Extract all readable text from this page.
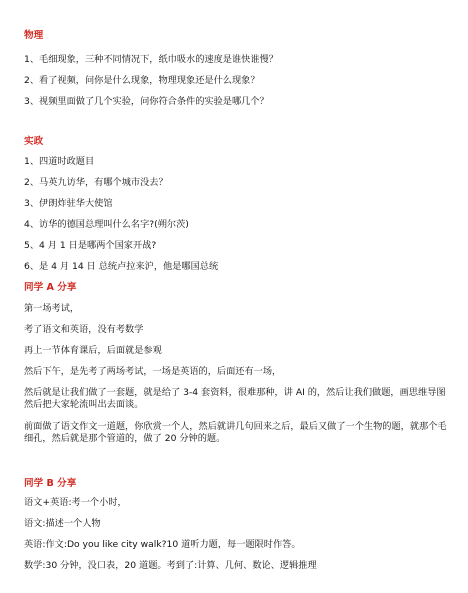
物理
1、毛细现象，三种不同情况下，纸巾吸水的速度是谁快谁慢？
2、看了视频，问你是什么现象，物理现象还是什么现象？
3、视频里面做了几个实验，问你符合条件的实验是哪几个？
实政
1、四道时政题目
2、马英九访华，有哪个城市没去？
3、伊朗炸驻华大使馆
4、访华的德国总理叫什么名字?(朔尔茨)
5、4 月 1 日是哪两个国家开战?
6、是 4 月 14 日 总统卢拉来沪，他是哪国总统
同学 A 分享
第一场考试，
考了语文和英语，没有考数学
再上一节体育课后，后面就是参观
然后下午，是先考了两场考试，一场是英语的，后面还有一场，
然后就是让我们做了一套题，就是给了 3-4 套资料，很难那种，讲 AI 的，然后让我们做题，画思维导图然后把大家轮流叫出去面谈。
前面做了语文作文一道题，你欣赏一个人，然后就讲几句回来之后，最后又做了一个生物的题，就那个毛细孔，然后就是那个管道的，做了 20 分钟的题。
同学 B 分享
语文+英语:考一个小时，
语文:描述一个人物
英语:作文:Do you like city walk?10 道听力题，每一题限时作答。
数学:30 分钟，没口表，20 道题。考到了:计算、几何、数论、逻辑推理
